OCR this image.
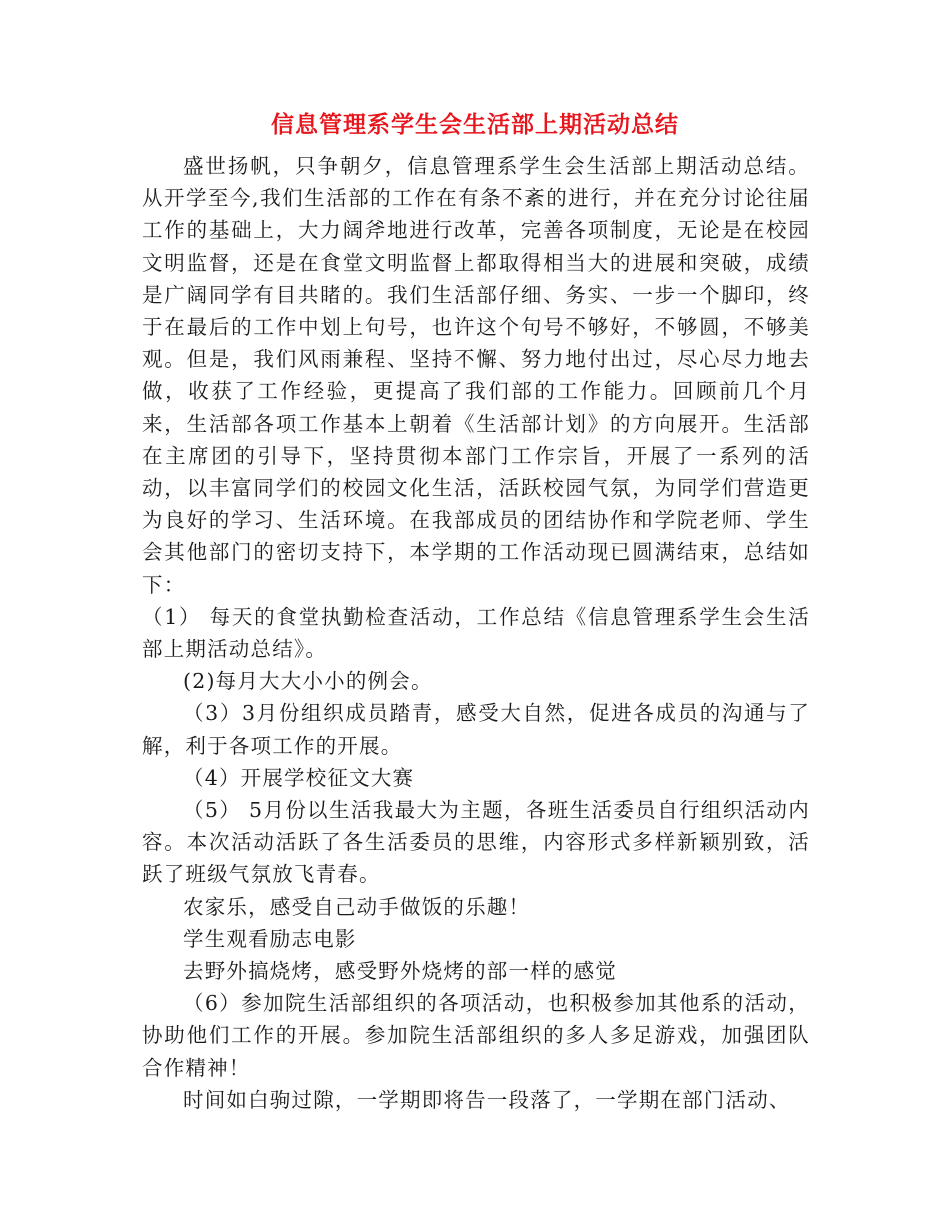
信息管理系学生会生活部上期活动总结

盛世扬帆，只争朝夕，信息管理系学生会生活部上期活动总结。从开学至今,我们生活部的工作在有条不紊的进行，并在充分讨论往届工作的基础上，大力阔斧地进行改革，完善各项制度，无论是在校园文明监督，还是在食堂文明监督上都取得相当大的进展和突破，成绩是广阔同学有目共睹的。我们生活部仔细、务实、一步一个脚印，终于在最后的工作中划上句号，也许这个句号不够好，不够圆，不够美观。但是，我们风雨兼程、坚持不懈、努力地付出过，尽心尽力地去做，收获了工作经验，更提高了我们部的工作能力。回顾前几个月来，生活部各项工作基本上朝着《生活部计划》的方向展开。生活部在主席团的引导下，坚持贯彻本部门工作宗旨，开展了一系列的活动，以丰富同学们的校园文化生活，活跃校园气氛，为同学们营造更为良好的学习、生活环境。在我部成员的团结协作和学院老师、学生会其他部门的密切支持下，本学期的工作活动现已圆满结束，总结如下：

（1） 每天的食堂执勤检查活动，工作总结《信息管理系学生会生活部上期活动总结》。

(2)每月大大小小的例会。

（3）3月份组织成员踏青，感受大自然，促进各成员的沟通与了解，利于各项工作的开展。

（4）开展学校征文大赛

（5） 5月份以生活我最大为主题，各班生活委员自行组织活动内容。本次活动活跃了各生活委员的思维，内容形式多样新颖别致，活跃了班级气氛放飞青春。

农家乐，感受自己动手做饭的乐趣！

学生观看励志电影

去野外搞烧烤，感受野外烧烤的部一样的感觉

（6）参加院生活部组织的各项活动，也积极参加其他系的活动，协助他们工作的开展。参加院生活部组织的多人多足游戏，加强团队合作精神！

时间如白驹过隙，一学期即将告一段落了，一学期在部门活动、
